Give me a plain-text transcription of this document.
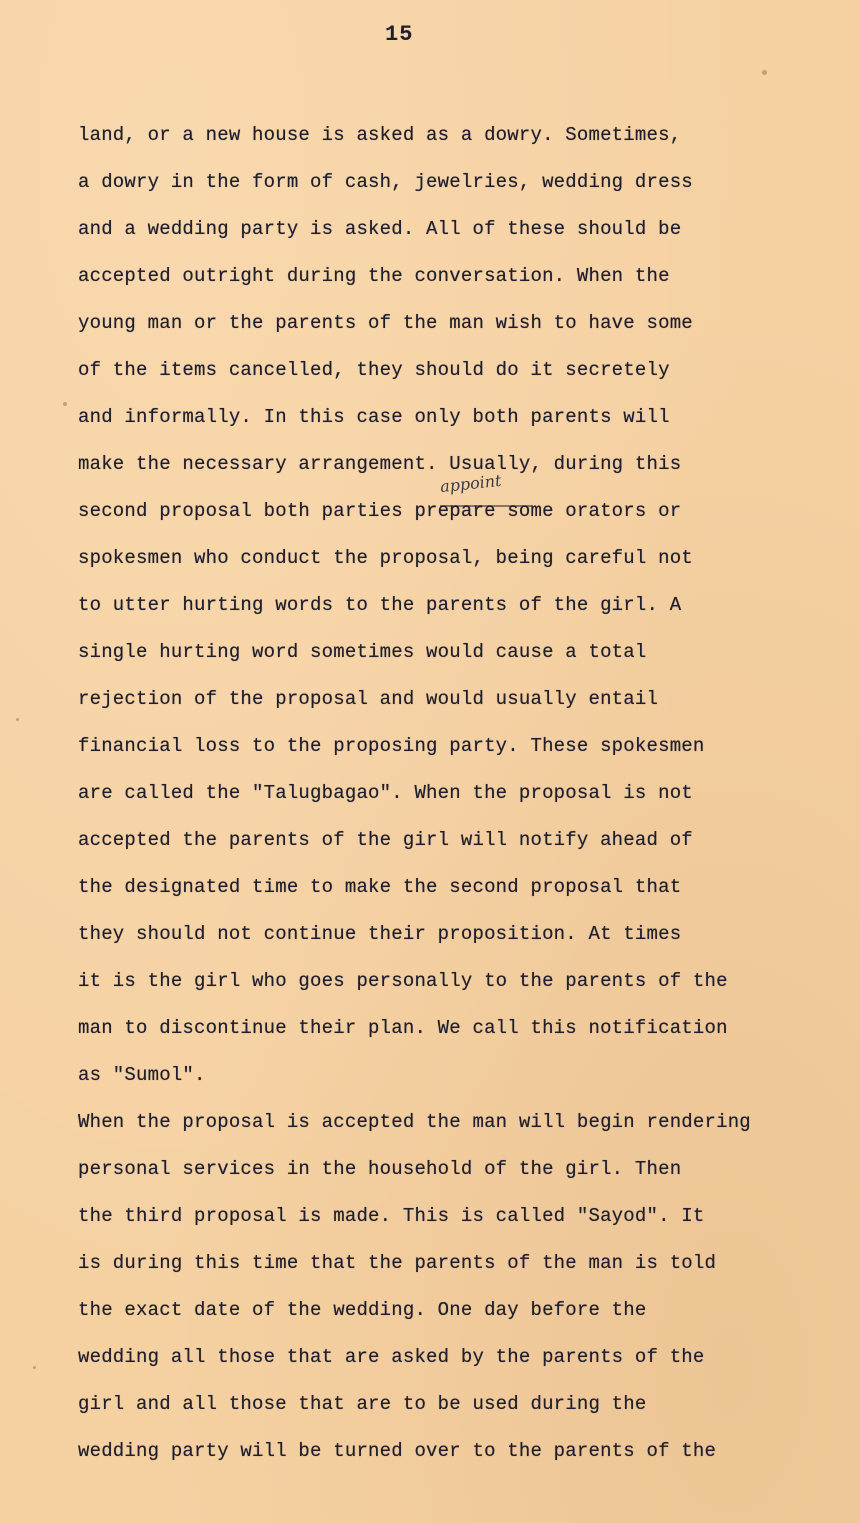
15
appoint
land, or a new house is asked as a dowry. Sometimes,
a dowry in the form of cash, jewelries, wedding dress
and a wedding party is asked. All of these should be
accepted outright during the conversation. When the
young man or the parents of the man wish to have some
of the items cancelled, they should do it secretely
and informally. In this case only both parents will
make the necessary arrangement. Usually, during this
second proposal both parties prepare some orators or
spokesmen who conduct the proposal, being careful not
to utter hurting words to the parents of the girl. A
single hurting word sometimes would cause a total
rejection of the proposal and would usually entail
financial loss to the proposing party. These spokesmen
are called the "Talugbagao". When the proposal is not
accepted the parents of the girl will notify ahead of
the designated time to make the second proposal that
they should not continue their proposition. At times
it is the girl who goes personally to the parents of the
man to discontinue their plan. We call this notification
as "Sumol".
When the proposal is accepted the man will begin rendering
personal services in the household of the girl. Then
the third proposal is made. This is called "Sayod". It
is during this time that the parents of the man is told
the exact date of the wedding. One day before the
wedding all those that are asked by the parents of the
girl and all those that are to be used during the
wedding party will be turned over to the parents of the
